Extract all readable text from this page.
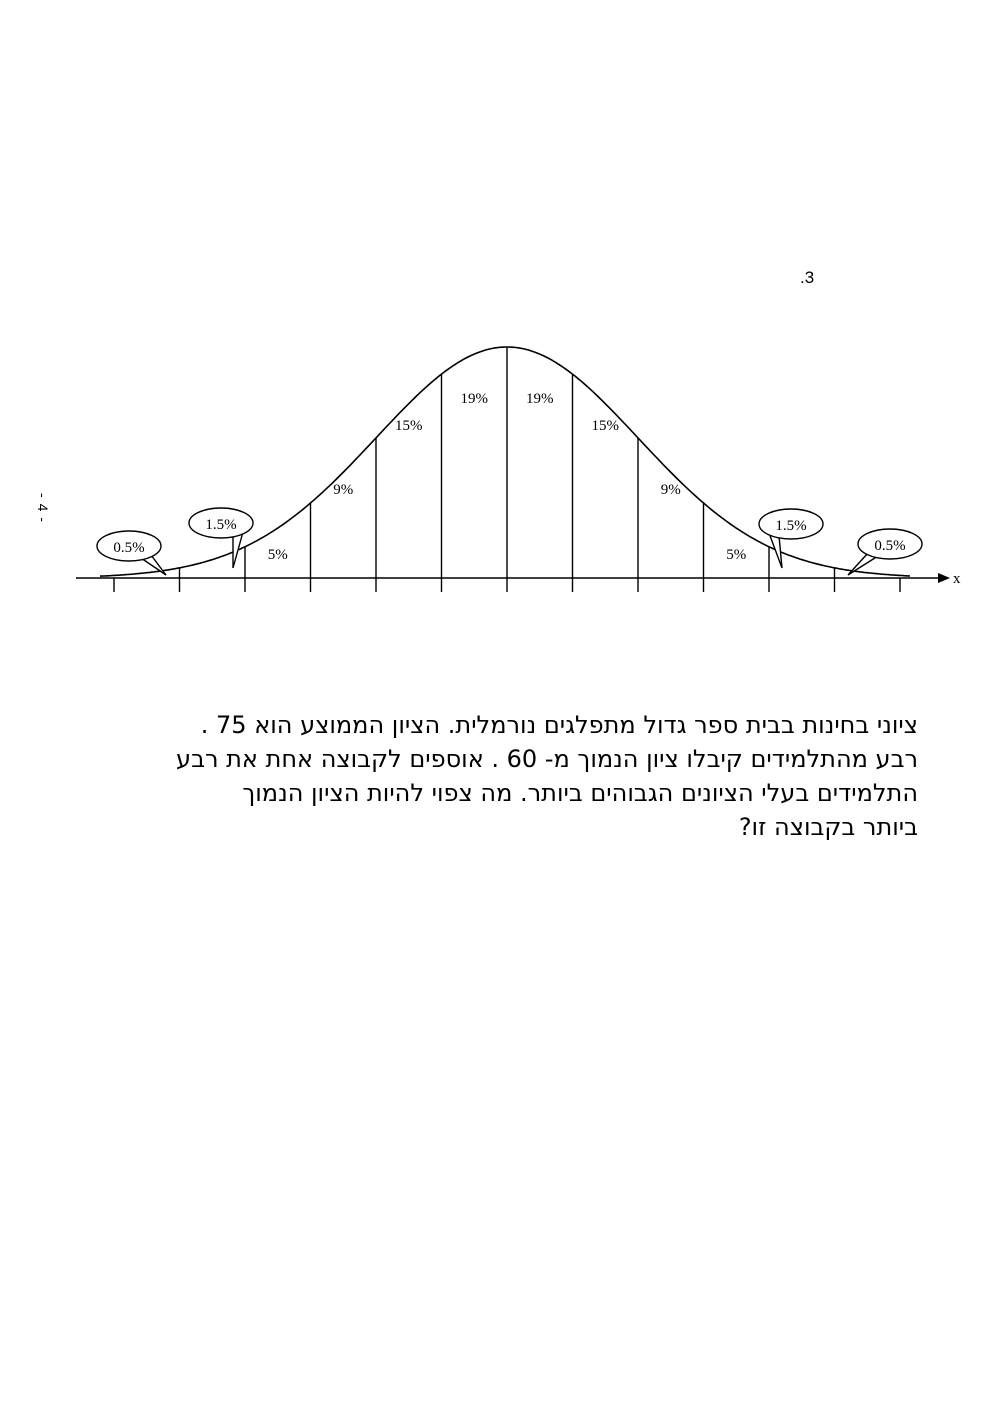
.3
- 4 -
x
0.5%
1.5%
5%
9%
15%
19%	19%
15%
9%
5%
1.5%
0.5%
ציוני בחינות בבית ספר גדול מתפלגים נורמלית. הציון הממוצע הוא 75 .
רבע מהתלמידים קיבלו ציון הנמוך מ- 60 . אוספים לקבוצה אחת את רבע
התלמידים בעלי הציונים הגבוהים ביותר. מה צפוי להיות הציון הנמוך
ביותר בקבוצה זו?
